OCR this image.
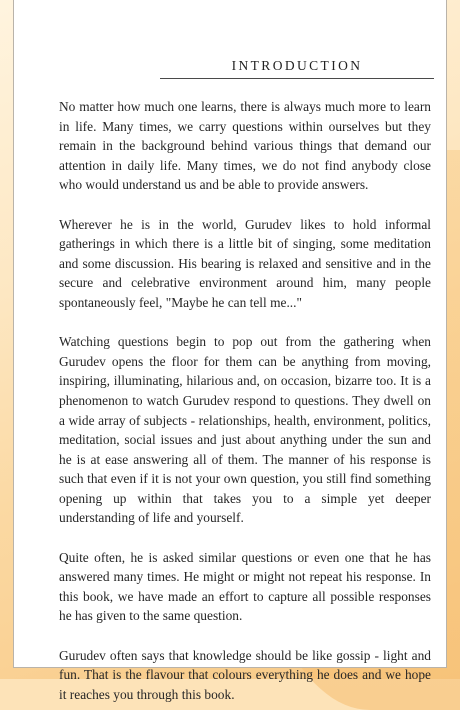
INTRODUCTION

No matter how much one learns, there is always much more to learn in life. Many times, we carry questions within ourselves but they remain in the background behind various things that demand our attention in daily life. Many times, we do not find anybody close who would understand us and be able to provide answers.

Wherever he is in the world, Gurudev likes to hold informal gatherings in which there is a little bit of singing, some meditation and some discussion. His bearing is relaxed and sensitive and in the secure and celebrative environment around him, many people spontaneously feel, "Maybe he can tell me..."

Watching questions begin to pop out from the gathering when Gurudev opens the floor for them can be anything from moving, inspiring, illuminating, hilarious and, on occasion, bizarre too. It is a phenomenon to watch Gurudev respond to questions. They dwell on a wide array of subjects - relationships, health, environment, politics, meditation, social issues and just about anything under the sun and he is at ease answering all of them. The manner of his response is such that even if it is not your own question, you still find something opening up within that takes you to a simple yet deeper understanding of life and yourself.

Quite often, he is asked similar questions or even one that he has answered many times. He might or might not repeat his response. In this book, we have made an effort to capture all possible responses he has given to the same question.

Gurudev often says that knowledge should be like gossip - light and fun. That is the flavour that colours everything he does and we hope it reaches you through this book.
